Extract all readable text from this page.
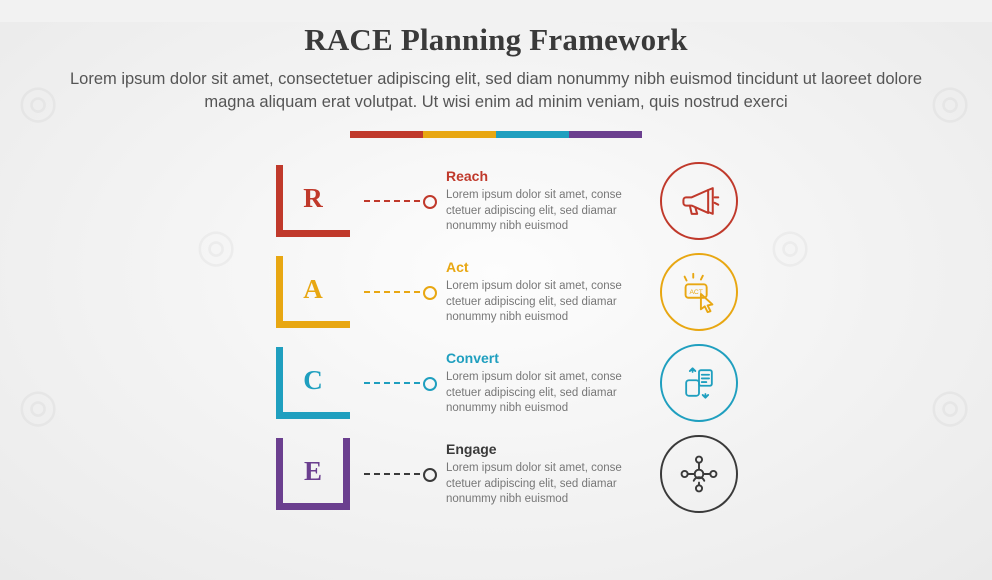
RACE Planning Framework

Lorem ipsum dolor sit amet, consectetuer adipiscing elit, sed diam nonummy nibh euismod tincidunt ut laoreet dolore magna aliquam erat volutpat. Ut wisi enim ad minim veniam, quis nostrud exerci

R
Reach
Lorem ipsum dolor sit amet, conse ctetuer adipiscing elit, sed diamar nonummy nibh euismod
A
Act
Lorem ipsum dolor sit amet, conse ctetuer adipiscing elit, sed diamar nonummy nibh euismod
ACT
C
Convert
Lorem ipsum dolor sit amet, conse ctetuer adipiscing elit, sed diamar nonummy nibh euismod
E
Engage
Lorem ipsum dolor sit amet, conse ctetuer adipiscing elit, sed diamar nonummy nibh euismod
